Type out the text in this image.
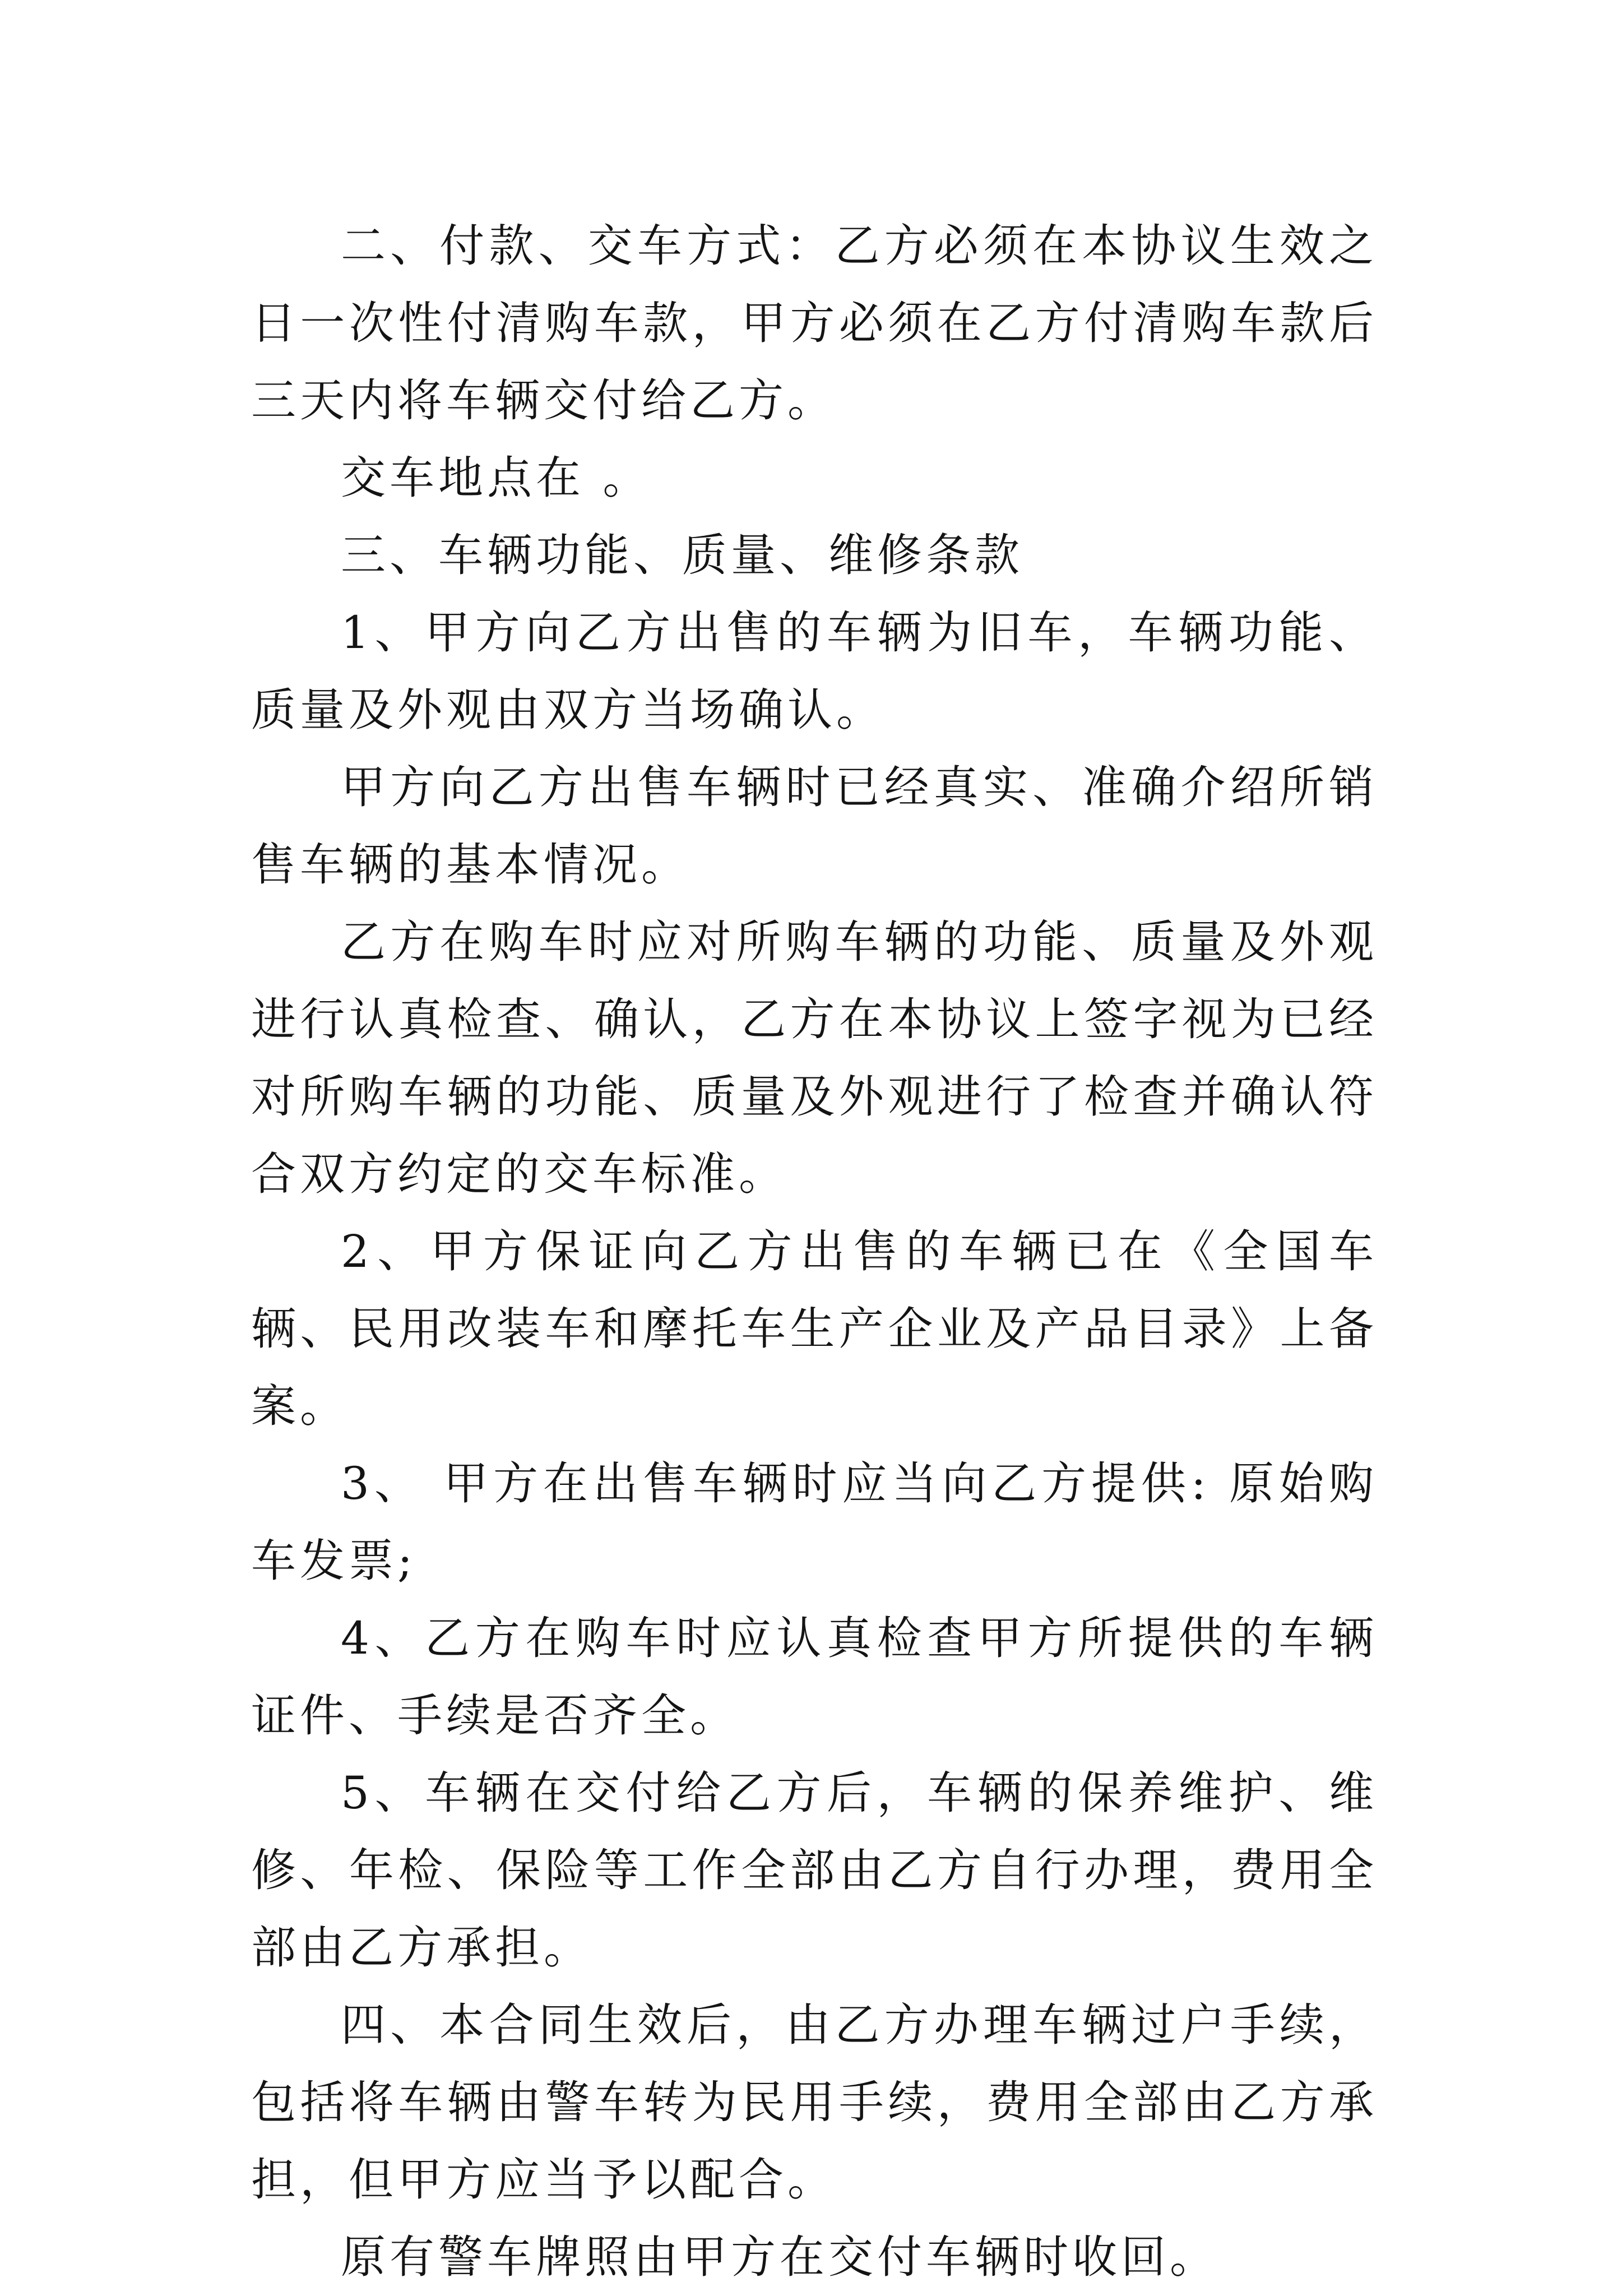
二、付款、交车方式：乙方必须在本协议生效之日一次性付清购车款，甲方必须在乙方付清购车款后三天内将车辆交付给乙方。

交车地点在 。

三、车辆功能、质量、维修条款

1、甲方向乙方出售的车辆为旧车，车辆功能、质量及外观由双方当场确认。

甲方向乙方出售车辆时已经真实、准确介绍所销售车辆的基本情况。

乙方在购车时应对所购车辆的功能、质量及外观进行认真检查、确认，乙方在本协议上签字视为已经对所购车辆的功能、质量及外观进行了检查并确认符合双方约定的交车标准。

2、甲方保证向乙方出售的车辆已在《全国车辆、民用改装车和摩托车生产企业及产品目录》上备案。

3、 甲方在出售车辆时应当向乙方提供: 原始购车发票;

4、乙方在购车时应认真检查甲方所提供的车辆证件、手续是否齐全。

5、车辆在交付给乙方后，车辆的保养维护、维修、年检、保险等工作全部由乙方自行办理，费用全部由乙方承担。

四、本合同生效后，由乙方办理车辆过户手续，包括将车辆由警车转为民用手续，费用全部由乙方承担，但甲方应当予以配合。

原有警车牌照由甲方在交付车辆时收回。
